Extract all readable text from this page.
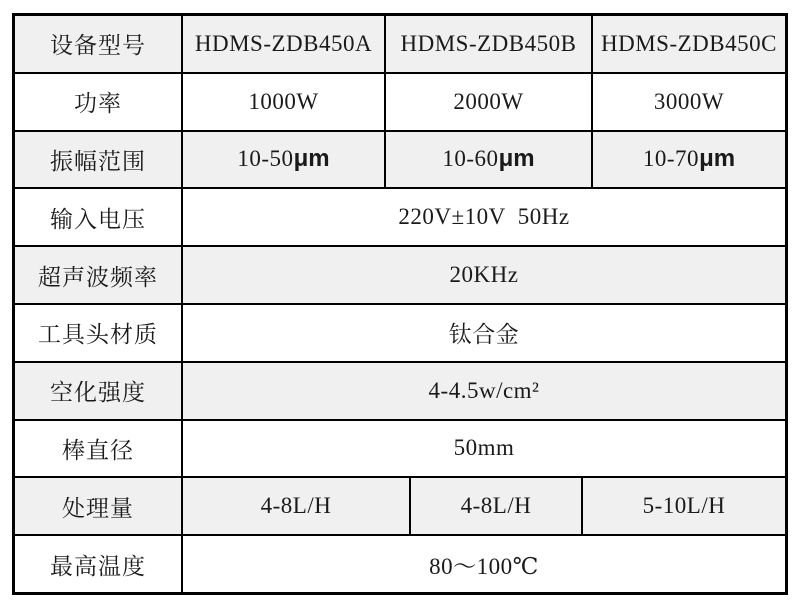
设备型号	HDMS-ZDB450A	HDMS-ZDB450B	HDMS-ZDB450C
功率	1000W	2000W	3000W
振幅范围	10-50 μm	10-60 μm	10-70 μm
输入电压	220V±10V  50Hz
超声波频率	20KHz
工具头材质	钛合金
空化强度	4-4.5w/cm²
棒直径	50mm
处理量	4-8L/H	4-8L/H	5-10L/H
最高温度	80～100℃
